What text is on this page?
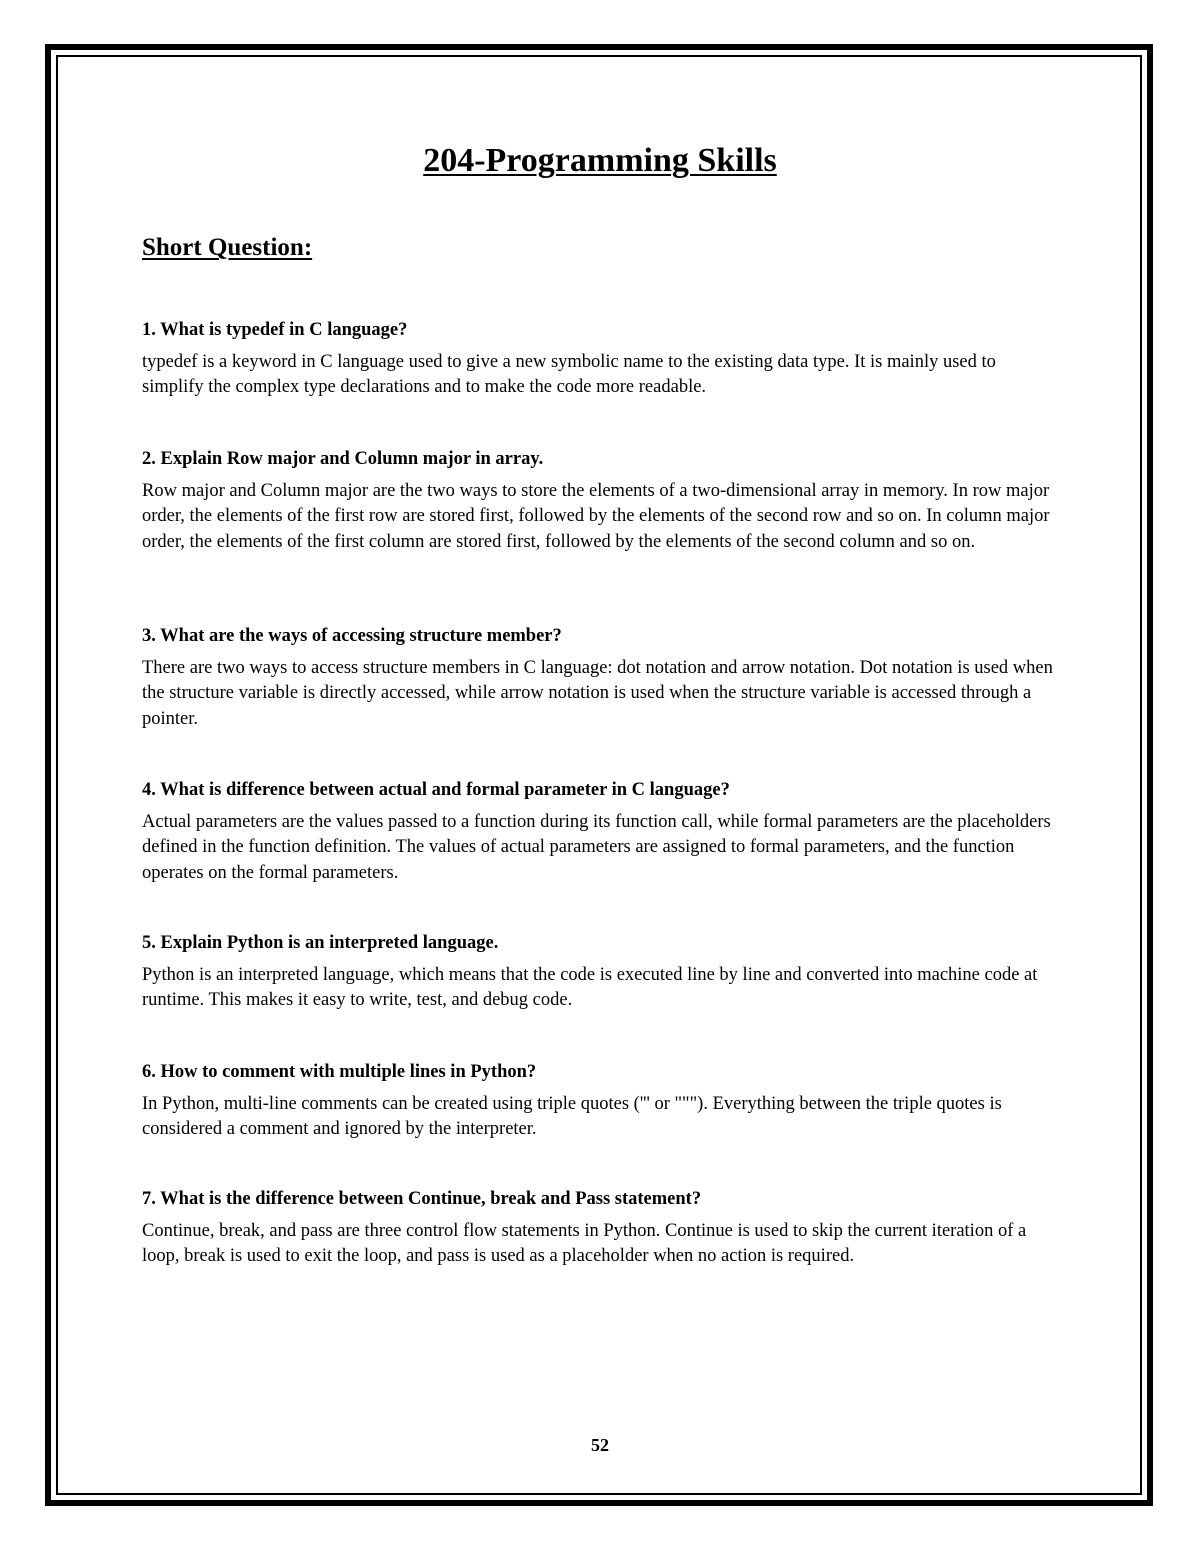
204-Programming Skills
Short Question:

1. What is typedef in C language?

typedef is a keyword in C language used to give a new symbolic name to the existing data type. It is mainly used to simplify the complex type declarations and to make the code more readable.

2. Explain Row major and Column major in array.

Row major and Column major are the two ways to store the elements of a two-dimensional array in memory. In row major order, the elements of the first row are stored first, followed by the elements of the second row and so on. In column major order, the elements of the first column are stored first, followed by the elements of the second column and so on.

3. What are the ways of accessing structure member?

There are two ways to access structure members in C language: dot notation and arrow notation. Dot notation is used when the structure variable is directly accessed, while arrow notation is used when the structure variable is accessed through a pointer.

4. What is difference between actual and formal parameter in C language?

Actual parameters are the values passed to a function during its function call, while formal parameters are the placeholders defined in the function definition. The values of actual parameters are assigned to formal parameters, and the function operates on the formal parameters.

5. Explain Python is an interpreted language.

Python is an interpreted language, which means that the code is executed line by line and converted into machine code at runtime. This makes it easy to write, test, and debug code.

6. How to comment with multiple lines in Python?

In Python, multi-line comments can be created using triple quotes (''' or """). Everything between the triple quotes is considered a comment and ignored by the interpreter.

7. What is the difference between Continue, break and Pass statement?

Continue, break, and pass are three control flow statements in Python. Continue is used to skip the current iteration of a loop, break is used to exit the loop, and pass is used as a placeholder when no action is required.

52
